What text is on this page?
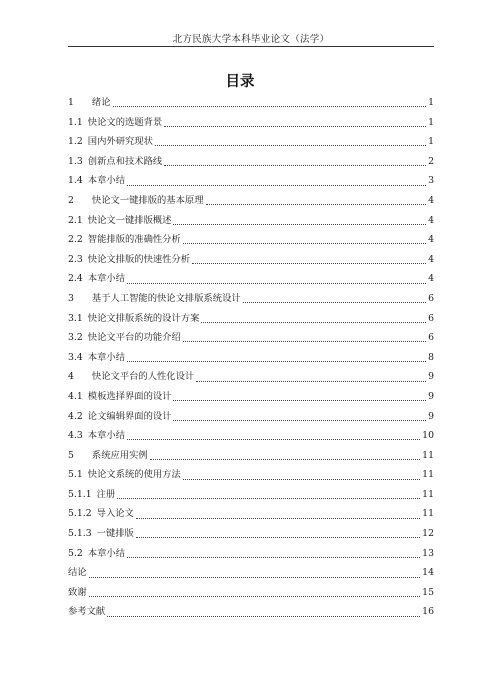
北方民族大学本科毕业论文（法学）
目录
1 绪论	1
1.1 快论文的选题背景	1
1.2 国内外研究现状	1
1.3 创新点和技术路线	2
1.4 本章小结	3
2 快论文一键排版的基本原理	4
2.1 快论文一键排版概述	4
2.2 智能排版的准确性分析	4
2.3 快论文排版的快速性分析	4
2.4 本章小结	4
3 基于人工智能的快论文排版系统设计	6
3.1 快论文排版系统的设计方案	6
3.2 快论文平台的功能介绍	6
3.4 本章小结	8
4 快论文平台的人性化设计	9
4.1 模板选择界面的设计	9
4.2 论文编辑界面的设计	9
4.3 本章小结	10
5 系统应用实例	11
5.1 快论文系统的使用方法	11
5.1.1 注册	11
5.1.2 导入论文	11
5.1.3 一键排版	12
5.2 本章小结	13
结论	14
致谢	15
参考文献	16
